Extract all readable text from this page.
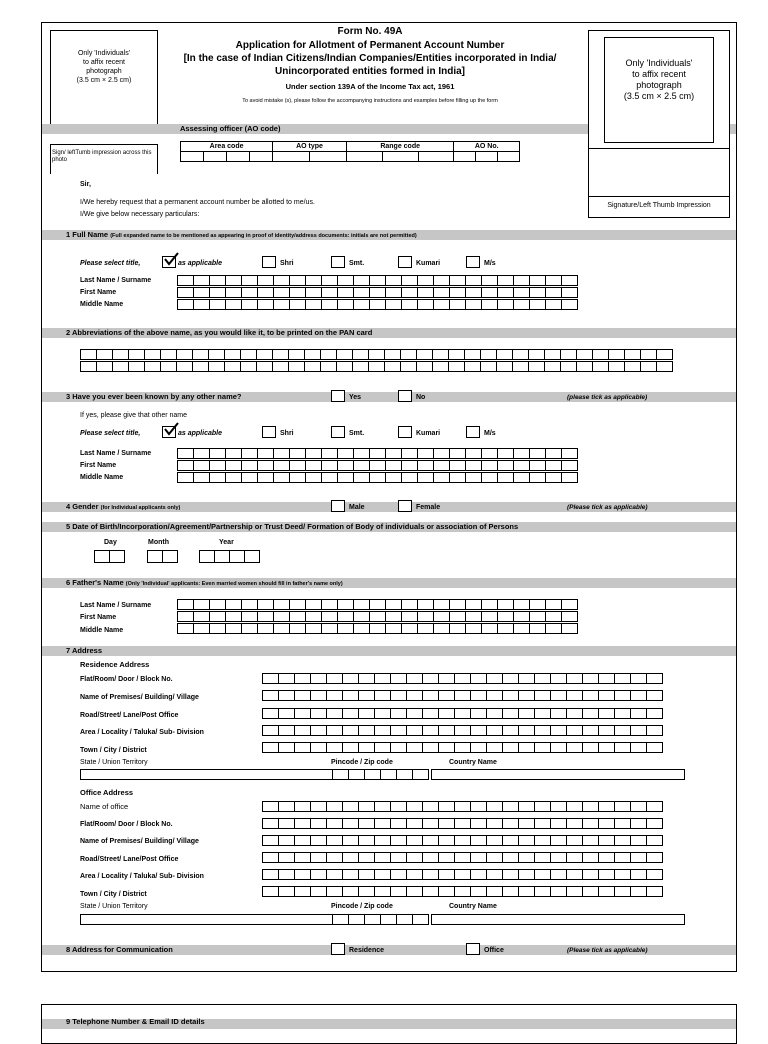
Only 'Individuals'
to affix recent
photograph
(3.5 cm × 2.5 cm)
Sign/ leftTumb impression across this photo
Only 'Individuals'
to affix recent
photograph
(3.5 cm × 2.5 cm)
Signature/Left Thumb Impression
Form No. 49A
Application for Allotment of Permanent Account Number
[In the case of Indian Citizens/Indian Companies/Entities incorporated in India/
Unincorporated entities formed in India]
Under section 139A of the Income Tax act, 1961
To avoid mistake (s), please follow the accompanying instructions and examples before filling up the form
Assessing officer (AO code)
Area code				AO type		Range code			AO No.		

Sir,
I/We hereby request that a permanent account number be allotted to me/us.
I/We give below necessary particulars:
1 Full Name (Full expanded name to be mentioned as appearing in proof of identity/address documents: initials are not permitted)
Please select title,	as applicable	Shri	Smt.	Kumari	M/s
Last Name / Surname
First Name
Middle Name
2 Abbreviations of the above name, as you would like it, to be printed on the PAN card
3 Have you ever been known by any other name?	Yes	No	(please tick as applicable)
If yes, please give that other name
Please select title,	as applicable	Shri	Smt.	Kumari	M/s
Last Name / Surname
First Name
Middle Name
4 Gender (for Individual applicants only)	Male	Female	(Please tick as applicable)
5 Date of Birth/Incorporation/Agreement/Partnership or Trust Deed/ Formation of Body of individuals or association of Persons
Day	Month	Year
6 Father's Name (Only 'Individual' applicants: Even married women should fill in father's name only)
Last Name / Surname
First Name
Middle Name
7 Address
Residence Address
Flat/Room/ Door / Block No.
Name of Premises/ Building/ Village
Road/Street/ Lane/Post Office
Area / Locality / Taluka/ Sub- Division
Town / City / District
State / Union Territory	Pincode / Zip code	Country Name
Office Address
Name of office
Flat/Room/ Door / Block No.
Name of Premises/ Building/ Village
Road/Street/ Lane/Post Office
Area / Locality / Taluka/ Sub- Division
Town / City / District
State / Union Territory	Pincode / Zip code	Country Name
8 Address for Communication	Residence	Office	(Please tick as applicable)
9 Telephone Number & Email ID details
